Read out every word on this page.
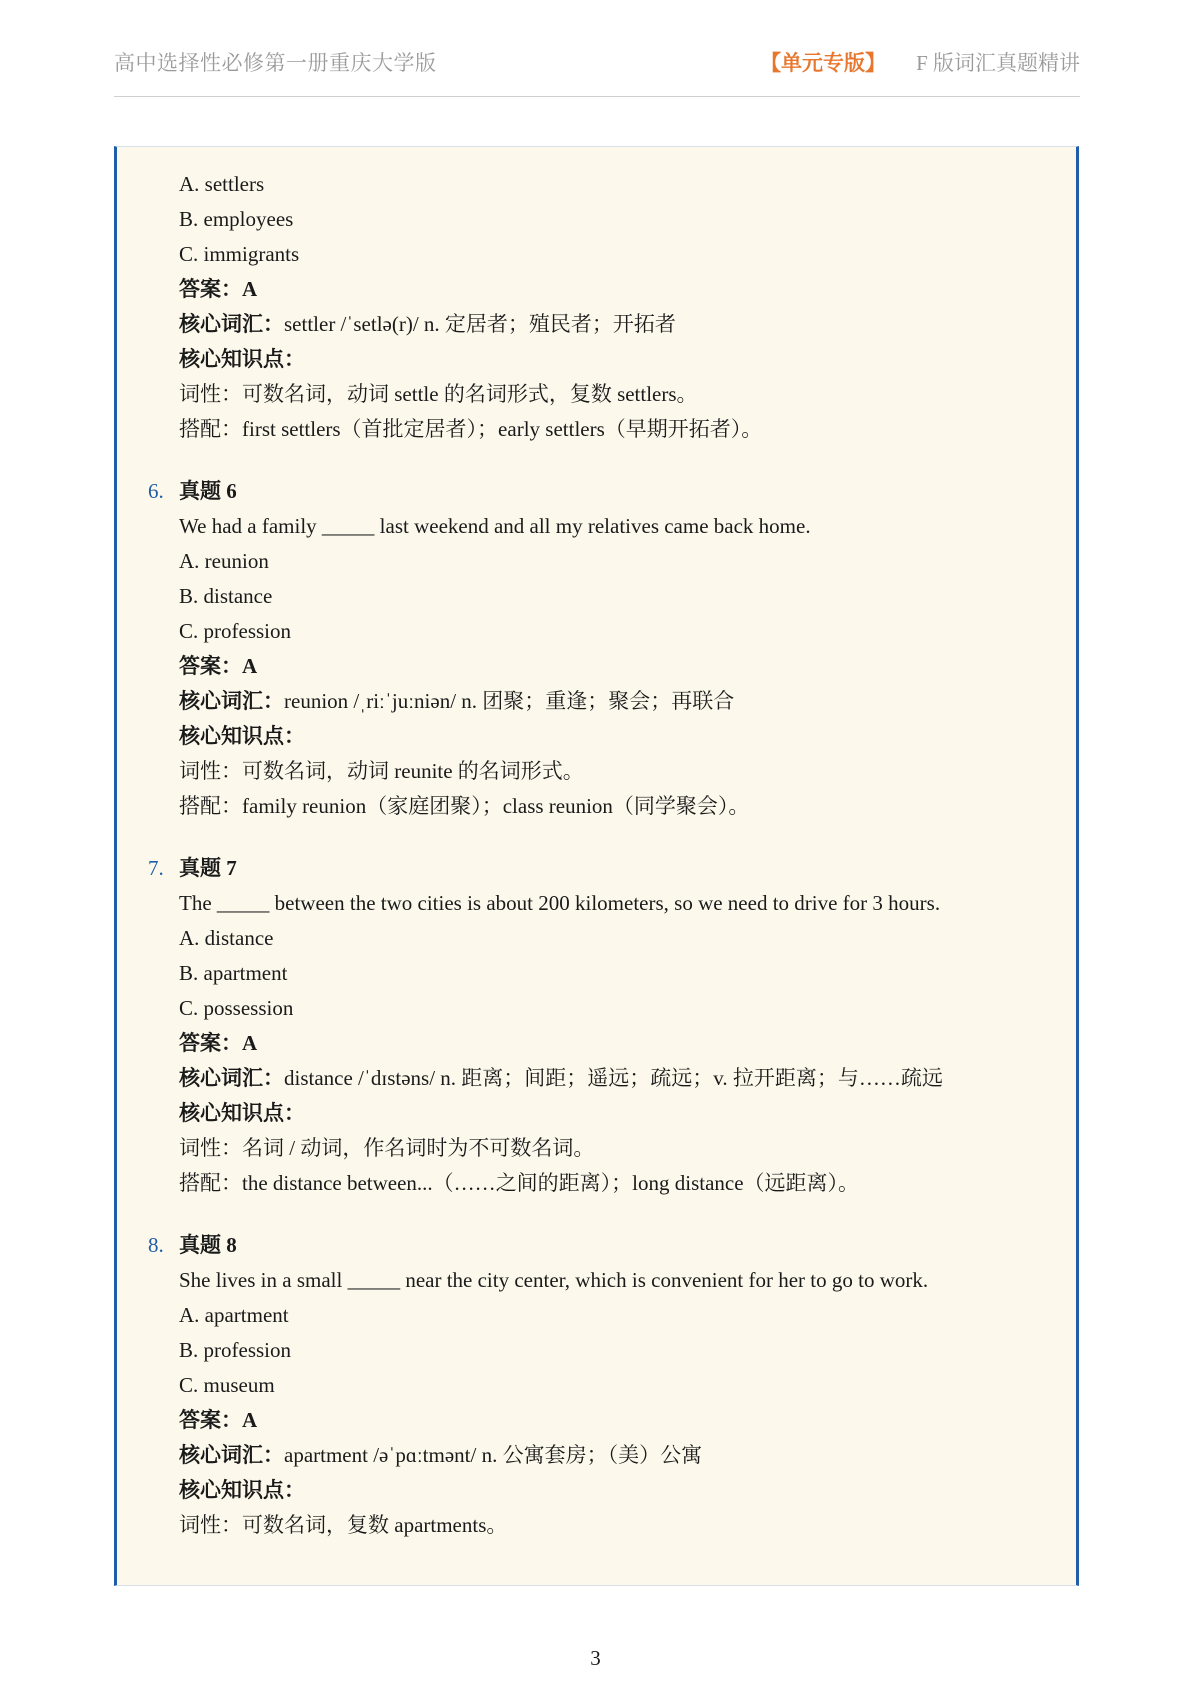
高中选择性必修第一册重庆大学版	【单元专版】 F 版词汇真题精讲
A. settlers
B. employees
C. immigrants
答案：A
核心词汇：settler /ˈsetlə(r)/ n. 定居者；殖民者；开拓者
核心知识点：
词性：可数名词，动词 settle 的名词形式，复数 settlers。
搭配：first settlers（首批定居者）；early settlers（早期开拓者）。
6. 真题 6
We had a family _____ last weekend and all my relatives came back home.
A. reunion
B. distance
C. profession
答案：A
核心词汇：reunion /ˌriːˈjuːniən/ n. 团聚；重逢；聚会；再联合
核心知识点：
词性：可数名词，动词 reunite 的名词形式。
搭配：family reunion（家庭团聚）；class reunion（同学聚会）。
7. 真题 7
The _____ between the two cities is about 200 kilometers, so we need to drive for 3 hours.
A. distance
B. apartment
C. possession
答案：A
核心词汇：distance /ˈdɪstəns/ n. 距离；间距；遥远；疏远；v. 拉开距离；与……疏远
核心知识点：
词性：名词 / 动词，作名词时为不可数名词。
搭配：the distance between...（……之间的距离）；long distance（远距离）。
8. 真题 8
She lives in a small _____ near the city center, which is convenient for her to go to work.
A. apartment
B. profession
C. museum
答案：A
核心词汇：apartment /əˈpɑːtmənt/ n. 公寓套房；（美）公寓
核心知识点：
词性：可数名词，复数 apartments。
3
